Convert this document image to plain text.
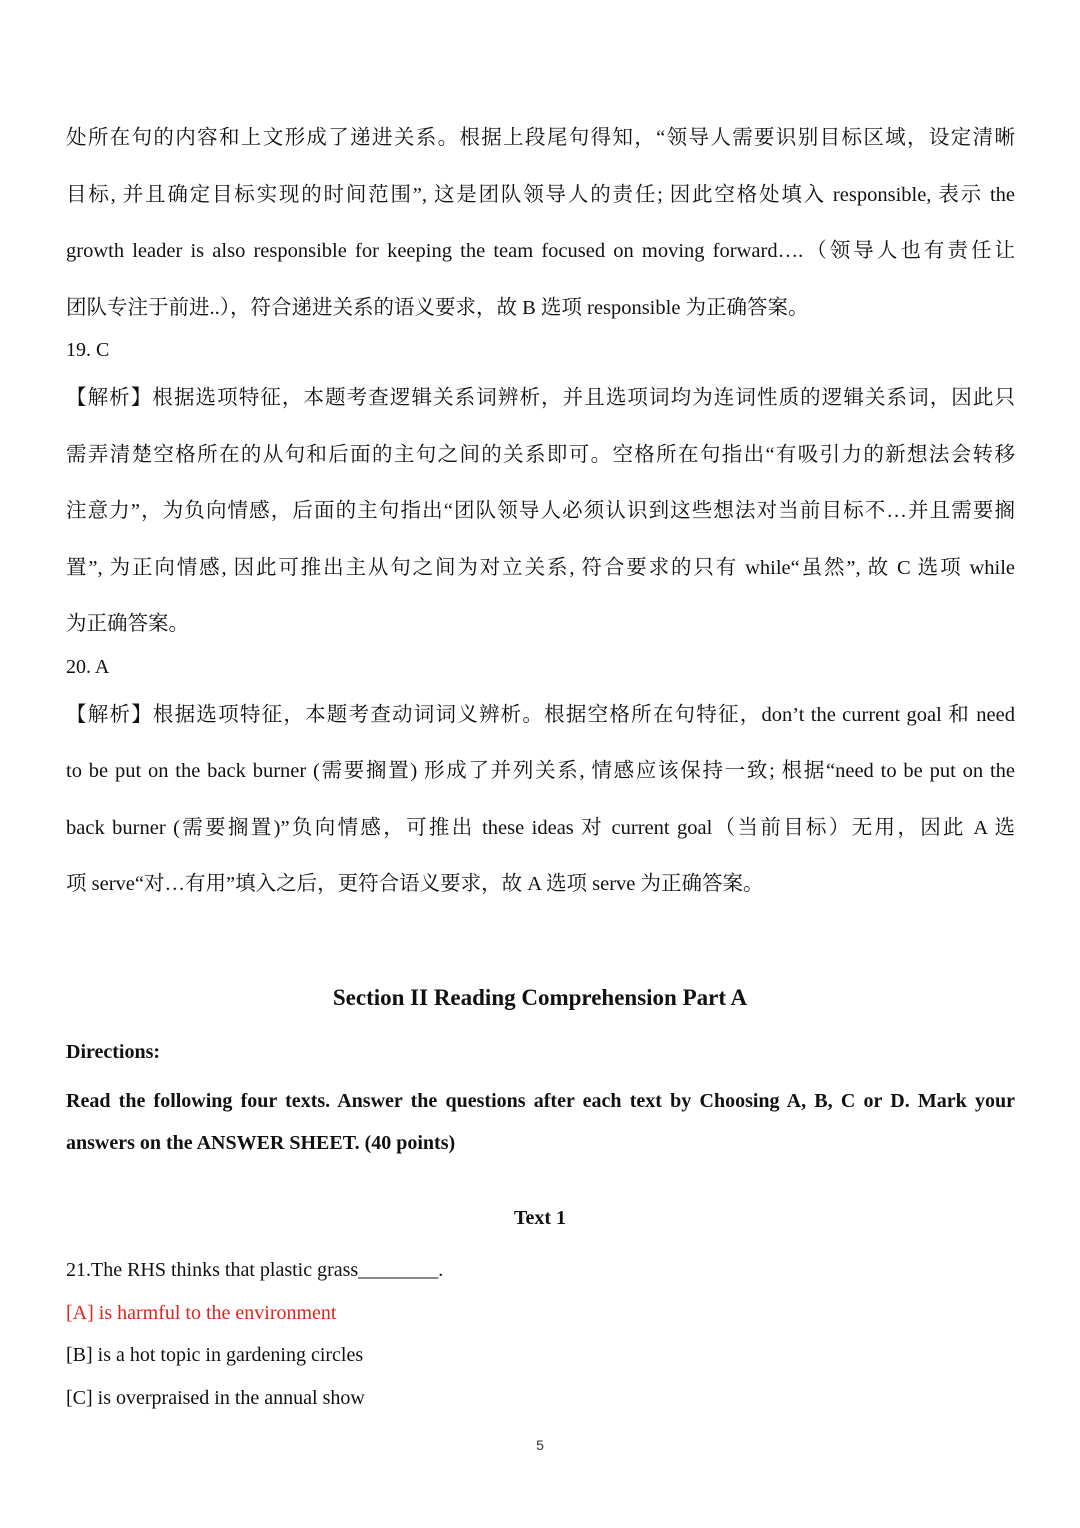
处所在句的内容和上文形成了递进关系。根据上段尾句得知，“领导人需要识别目标区域，设定清晰
目标, 并且确定目标实现的时间范围”, 这是团队领导人的责任; 因此空格处填入 responsible, 表示 the
growth leader is also responsible for keeping the team focused on moving forward….（领导人也有责任让
团队专注于前进..），符合递进关系的语义要求，故 B 选项 responsible 为正确答案。

19. C

【解析】根据选项特征，本题考查逻辑关系词辨析，并且选项词均为连词性质的逻辑关系词，因此只
需弄清楚空格所在的从句和后面的主句之间的关系即可。空格所在句指出“有吸引力的新想法会转移
注意力”，为负向情感，后面的主句指出“团队领导人必须认识到这些想法对当前目标不…并且需要搁
置”, 为正向情感, 因此可推出主从句之间为对立关系, 符合要求的只有 while“虽然”, 故 C 选项 while
为正确答案。

20. A

【解析】根据选项特征，本题考查动词词义辨析。根据空格所在句特征，don’t the current goal 和 need
to be put on the back burner (需要搁置) 形成了并列关系, 情感应该保持一致; 根据“need to be put on the
back burner (需要搁置)”负向情感，可推出 these ideas 对 current goal（当前目标）无用，因此 A 选
项 serve“对…有用”填入之后，更符合语义要求，故 A 选项 serve 为正确答案。

Section II Reading Comprehension Part A
Directions:
Read the following four texts. Answer the questions after each text by Choosing A, B, C or D. Mark your answers on the ANSWER SHEET. (40 points)
Text 1
21.The RHS thinks that plastic grass________.
[A] is harmful to the environment
[B] is a hot topic in gardening circles
[C] is overpraised in the annual show
5
